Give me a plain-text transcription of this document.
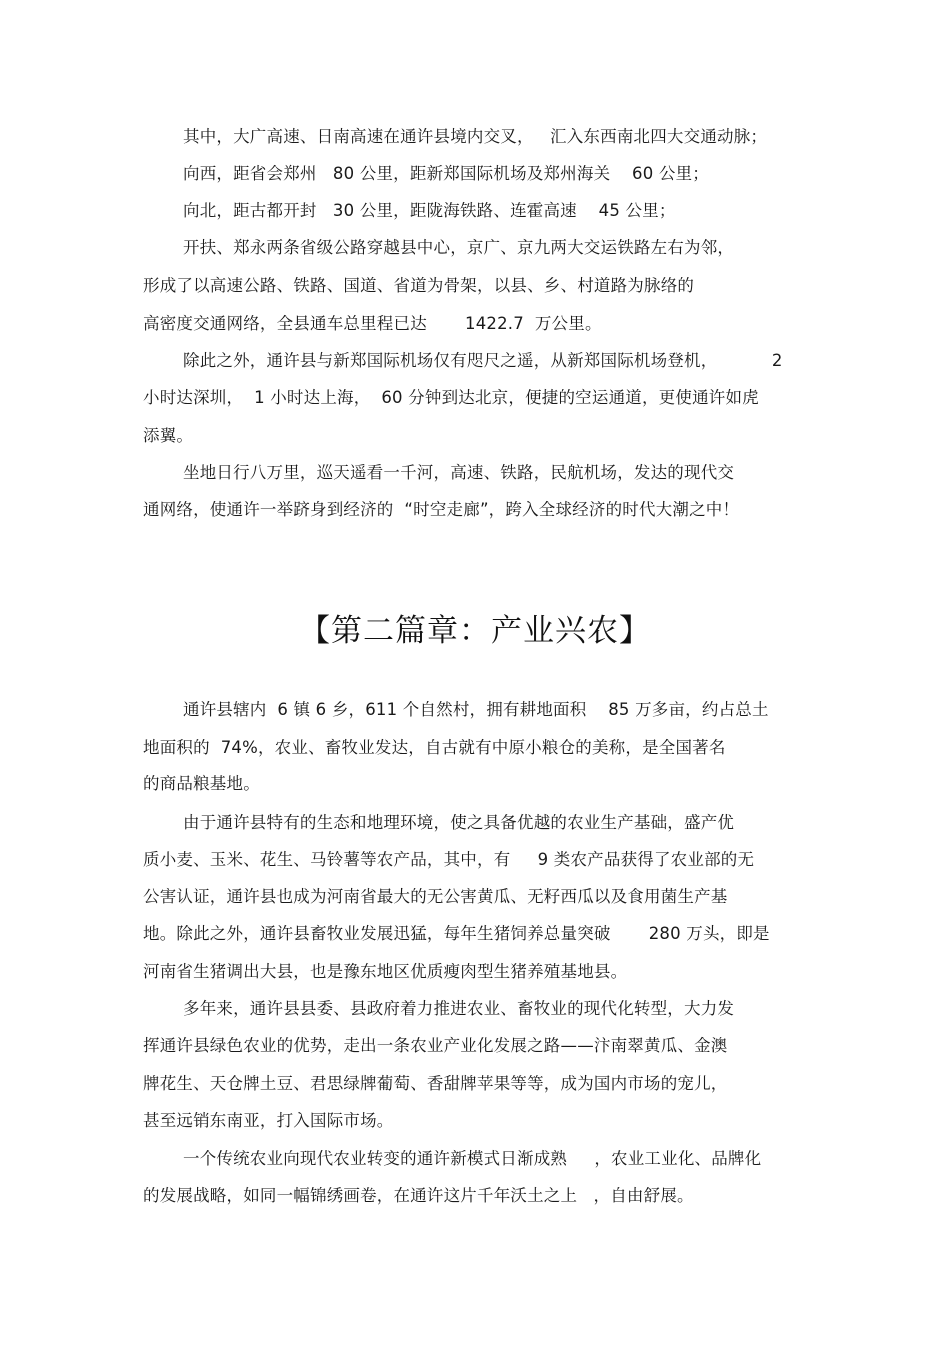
其中，大广高速、日南高速在通许县境内交叉，   汇入东西南北四大交通动脉；
向西，距省会郑州   80 公里，距新郑国际机场及郑州海关    60 公里；
向北，距古都开封   30 公里，距陇海铁路、连霍高速    45 公里；
开扶、郑永两条省级公路穿越县中心，京广、京九两大交运铁路左右为邻，
形成了以高速公路、铁路、国道、省道为骨架，以县、乡、村道路为脉络的
高密度交通网络，全县通车总里程已达       1422.7  万公里。
除此之外，通许县与新郑国际机场仅有咫尺之遥，从新郑国际机场登机，          2
小时达深圳，  1 小时达上海，  60 分钟到达北京，便捷的空运通道，更使通许如虎
添翼。
坐地日行八万里，巡天遥看一千河，高速、铁路，民航机场，发达的现代交
通网络，使通许一举跻身到经济的  “时空走廊”，跨入全球经济的时代大潮之中！
【第二篇章：产业兴农】
通许县辖内  6 镇 6 乡，611 个自然村，拥有耕地面积    85 万多亩，约占总土
地面积的  74%，农业、畜牧业发达，自古就有中原小粮仓的美称，是全国著名
的商品粮基地。
由于通许县特有的生态和地理环境，使之具备优越的农业生产基础，盛产优
质小麦、玉米、花生、马铃薯等农产品，其中，有     9 类农产品获得了农业部的无
公害认证，通许县也成为河南省最大的无公害黄瓜、无籽西瓜以及食用菌生产基
地。除此之外，通许县畜牧业发展迅猛，每年生猪饲养总量突破       280 万头，即是
河南省生猪调出大县，也是豫东地区优质瘦肉型生猪养殖基地县。
多年来，通许县县委、县政府着力推进农业、畜牧业的现代化转型，大力发
挥通许县绿色农业的优势，走出一条农业产业化发展之路——汴南翠黄瓜、金澳
牌花生、天仓牌土豆、君思绿牌葡萄、香甜牌苹果等等，成为国内市场的宠儿，
甚至远销东南亚，打入国际市场。
一个传统农业向现代农业转变的通许新模式日渐成熟     ，农业工业化、品牌化
的发展战略，如同一幅锦绣画卷，在通许这片千年沃土之上   ，自由舒展。
